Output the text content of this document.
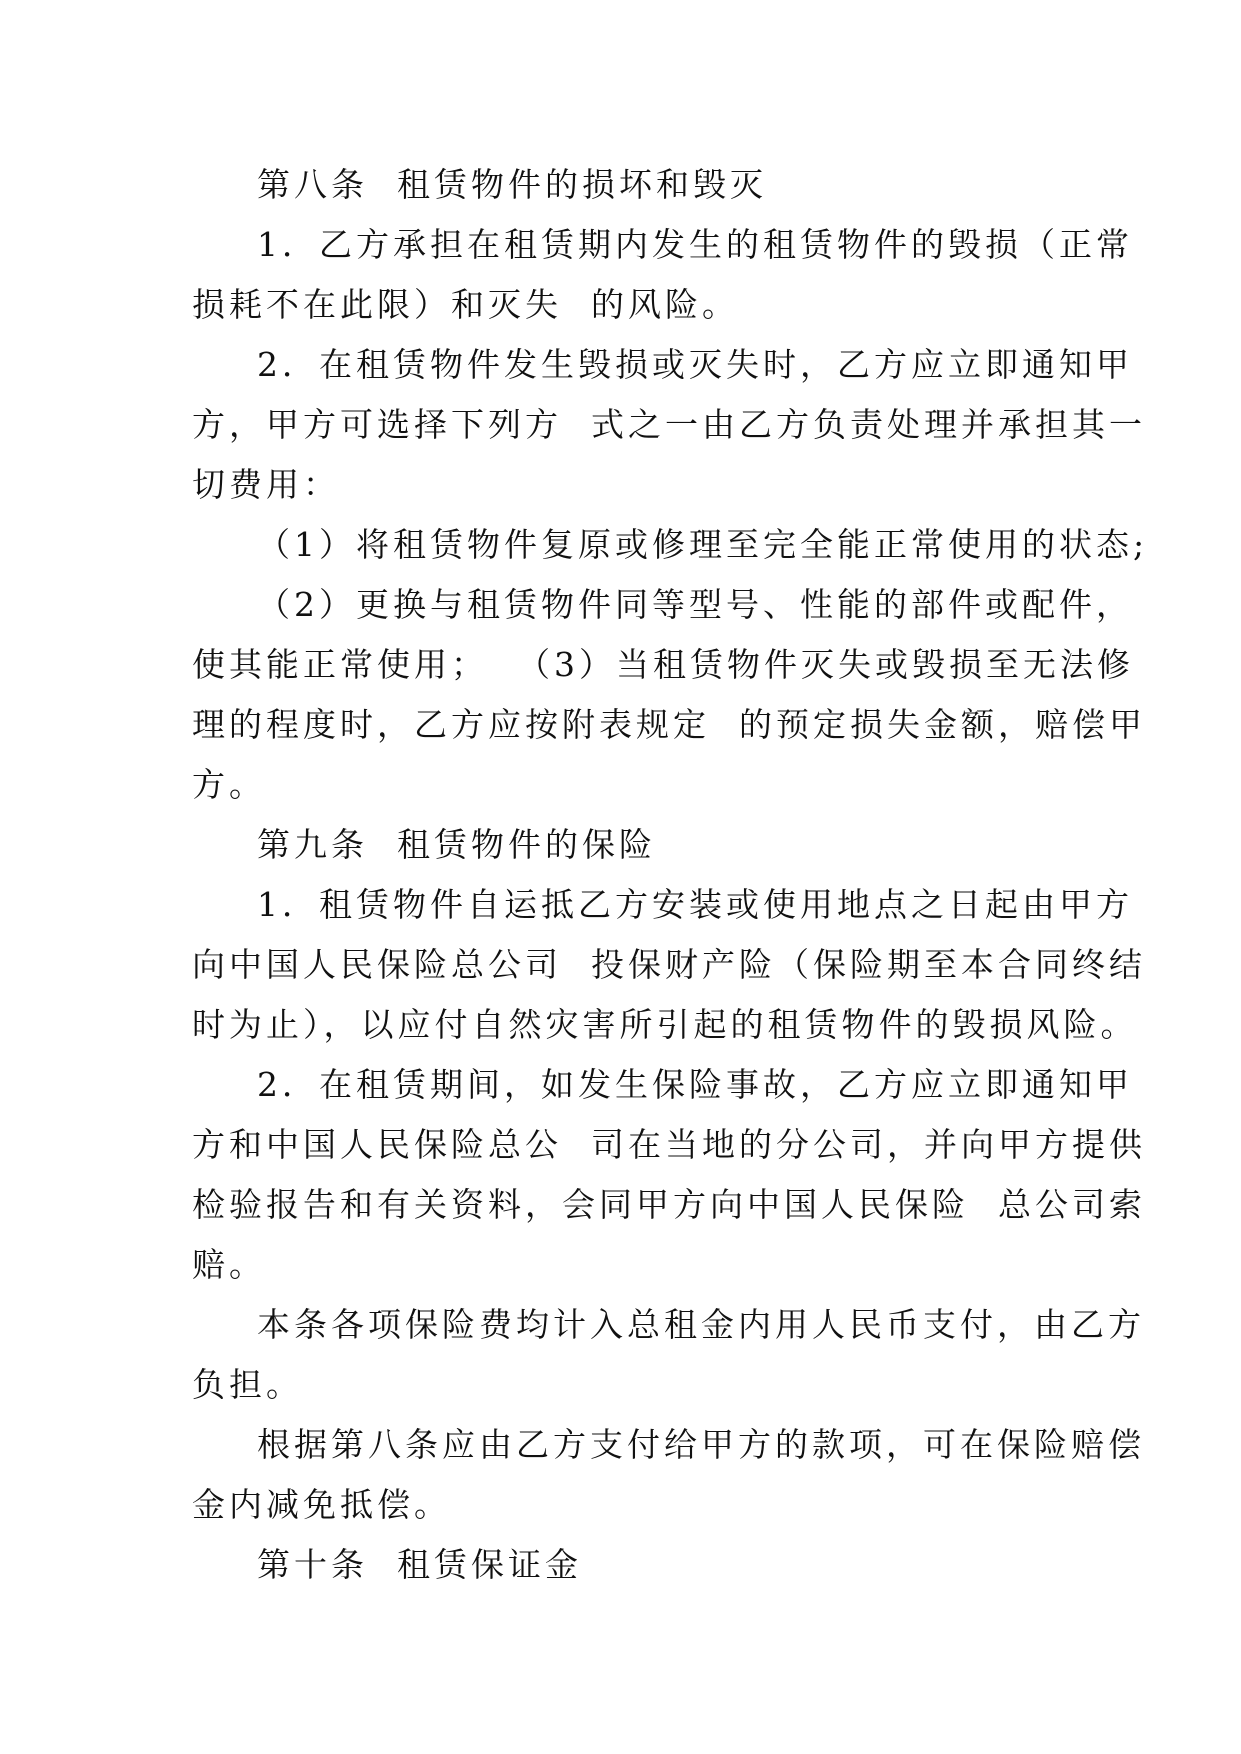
第八条  租赁物件的损坏和毁灭
1．乙方承担在租赁期内发生的租赁物件的毁损（正常
损耗不在此限）和灭失  的风险。
2．在租赁物件发生毁损或灭失时，乙方应立即通知甲
方，甲方可选择下列方  式之一由乙方负责处理并承担其一
切费用：
（1）将租赁物件复原或修理至完全能正常使用的状态;
（2）更换与租赁物件同等型号、性能的部件或配件，
使其能正常使用；  （3）当租赁物件灭失或毁损至无法修
理的程度时，乙方应按附表规定  的预定损失金额，赔偿甲
方。
第九条  租赁物件的保险
1．租赁物件自运抵乙方安装或使用地点之日起由甲方
向中国人民保险总公司  投保财产险（保险期至本合同终结
时为止），以应付自然灾害所引起的租赁物件的毁损风险。
2．在租赁期间，如发生保险事故，乙方应立即通知甲
方和中国人民保险总公  司在当地的分公司，并向甲方提供
检验报告和有关资料，会同甲方向中国人民保险  总公司索
赔。
本条各项保险费均计入总租金内用人民币支付，由乙方
负担。
根据第八条应由乙方支付给甲方的款项，可在保险赔偿
金内减免抵偿。
第十条  租赁保证金
